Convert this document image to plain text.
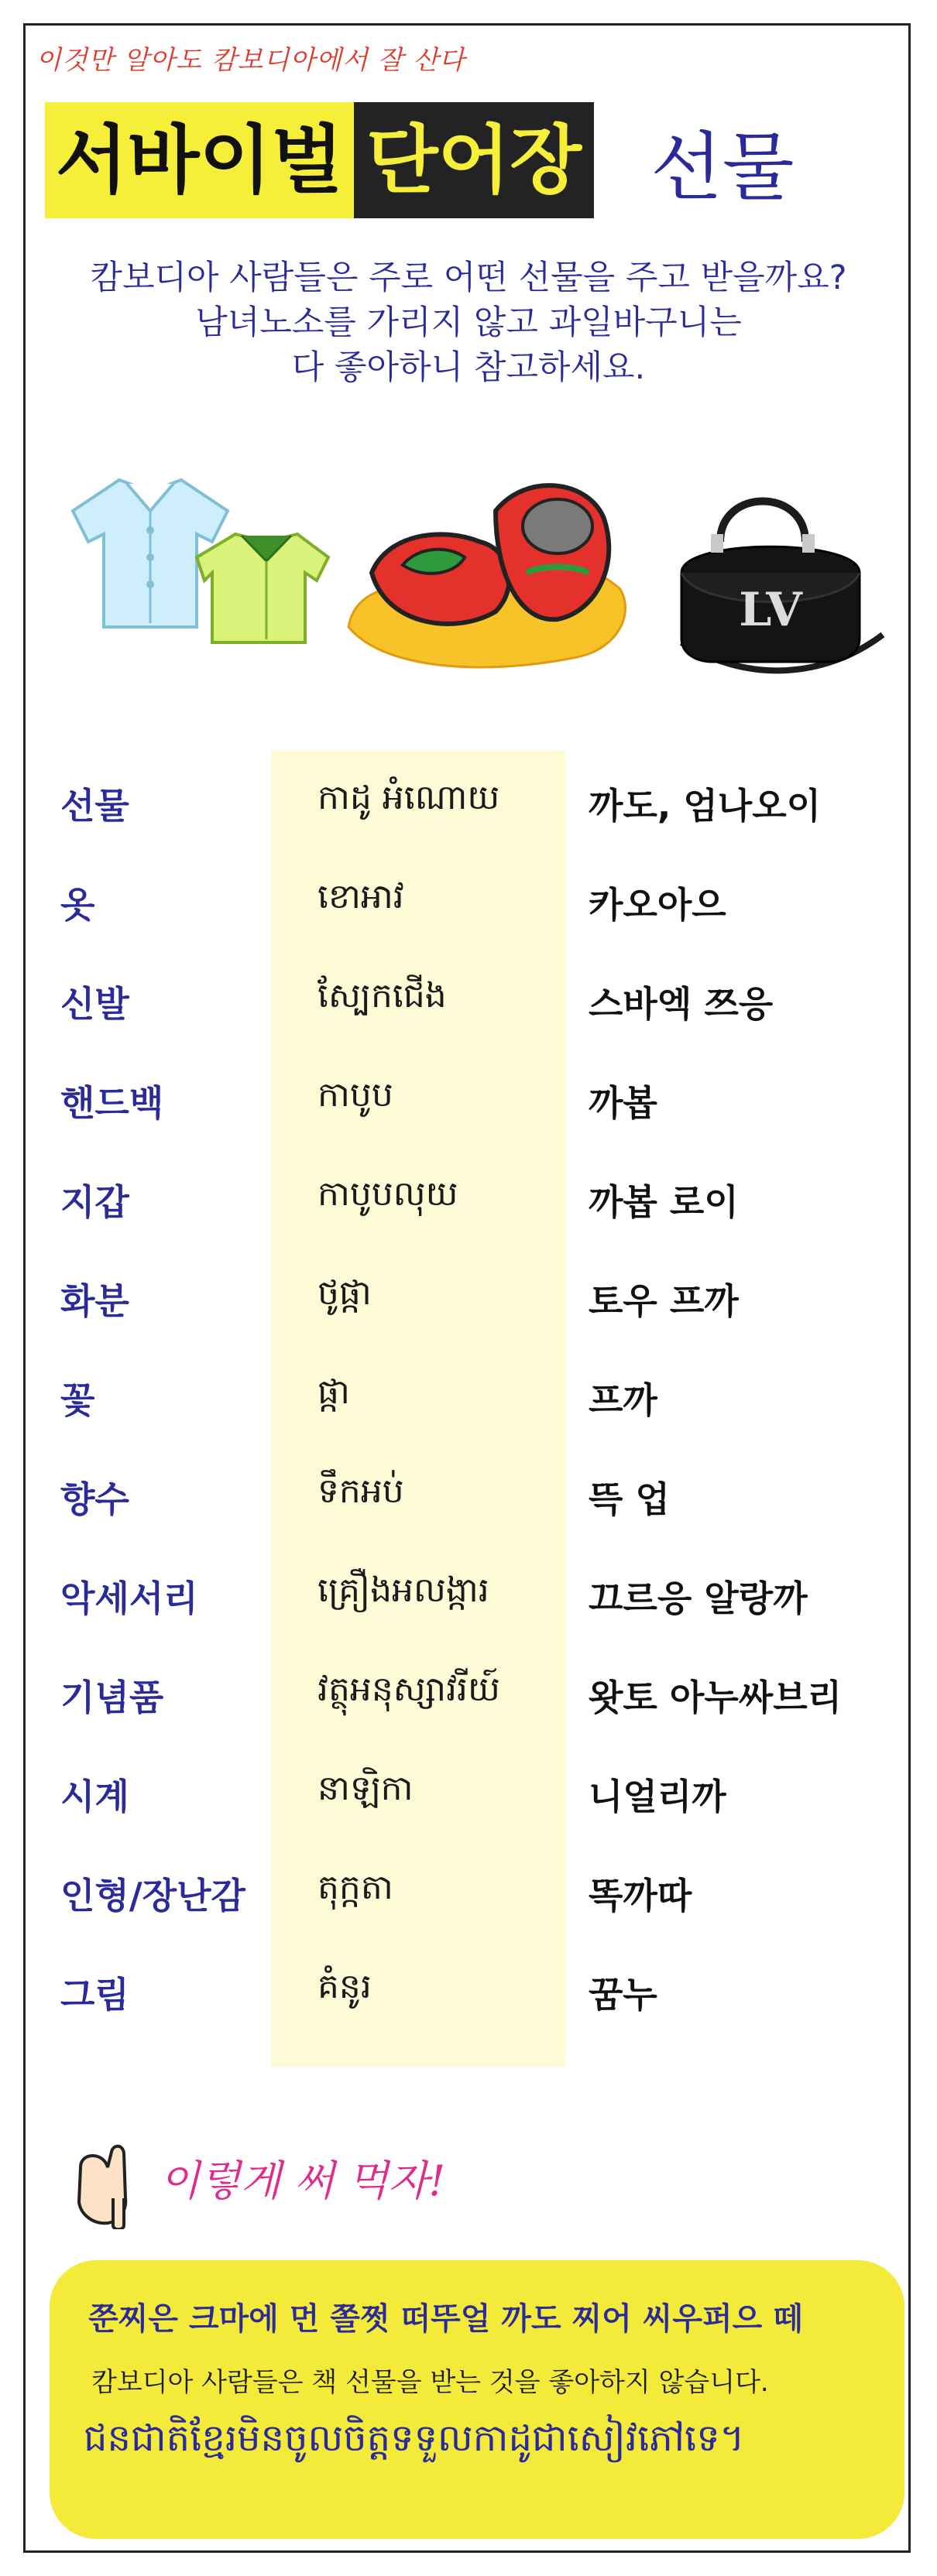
이것만 알아도 캄보디아에서 잘 산다
서바이벌 단어장 선물
캄보디아 사람들은 주로 어떤 선물을 주고 받을까요?
남녀노소를 가리지 않고 과일바구니는
다 좋아하니 참고하세요.
LV
선물	កាដូ អំណោយ 까도, 엄나오이
옷	ខោអាវ	카오아으
신발	ស្បែកជើង	스바엑 쯔응
핸드백	កាបូប	까봅
지갑	កាបូបលុយ	까봅 로이
화분	ថូផ្កា	토우 프까
꽃	ផ្កា	프까
향수	ទឹកអប់	뜩 업
악세서리	គ្រឿងអលង្ការ	끄르응 알랑까
기념품	វត្ថុអនុស្សាវរីយ៍ 왓토 아누싸브리
시계	នាឡិកា	니얼리까
인형/장난감 តុក្កតា	똑까따
그림	គំនូរ	꿈누
이렇게 써 먹자!
쭌찌은 크마에 먼 쫄쩟 떠뚜얼 까도 찌어 씨우퍼으 떼
캄보디아 사람들은 책 선물을 받는 것을 좋아하지 않습니다.
ជនជាតិខ្មែរមិនចូលចិត្តទទួលកាដូជាសៀវភៅទេ។
